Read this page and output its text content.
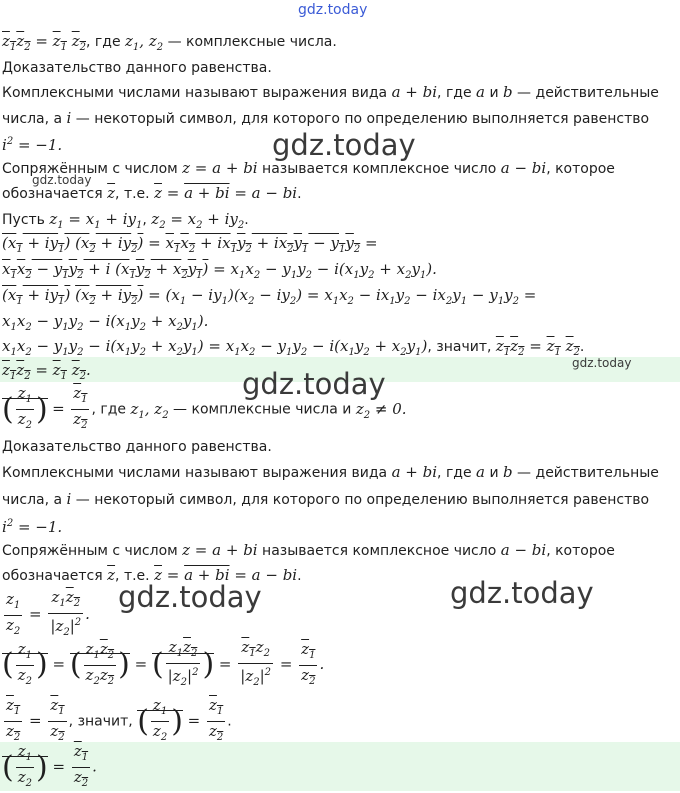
gdz.today
gdz.today
gdz.today
gdz.today
gdz.today
gdz.today	gdz.today
$z_1z_2 = z_1$ $z_2$, где $z_1$, $z_2$ — комплексные числа.
Доказательство данного равенства.
Комплексными числами называют выражения вида a + bi, где a и b — действительные
числа, а i — некоторый символ, для которого по определению выполняется равенство
$i^2 = -1$.
Сопряжённым с числом z = a + bi называется комплексное число a − bi, которое
обозначается $\overline{z}$, т.е. $\overline{z} = a$ + bi = a − bi.
Пусть $z_1 = x_1 + iy_1$, $z_2 = x_2 + iy_2$.
$(x_1 + iy_1) (x_2 + iy_2) = x_1x_2 + ix_1y_2 + ix_2y_1 - y_1y_2$ =
$x_1x_2 - y_1y_2 + i$ $(x_1y_2 + x_2y_1) = x_1x_2 - y_1y_2 - i(x_1y_2 + x_2y_1)$.
$(x_1 + iy_1) (x_2 + iy_2) = (x_1 - iy_1)(x_2 - iy_2) = x_1x_2 - ix_1y_2 - ix_2y_1 - y_1y_2$ =
$x_1x_2 - y_1y_2 - i(x_1y_2 + x_2y_1)$.
$x_1x_2 - y_1y_2 - i(x_1y_2 + x_2y_1) = x_1x_2 - y_1y_2 - i(x_1y_2 + x_2y_1)$, значит, $z_1z_2 = z_1$ $z_2$.
$z_1z_2 = z_1$ $z_2$.
( $\frac{z_1}{z_2}$ ) = $\frac{z_1}{z_2}$ , где $z_1$, $z_2$ — комплексные числа и $z_2 \ne 0$.
Доказательство данного равенства.
Комплексными числами называют выражения вида a + bi, где a и b — действительные
числа, а i — некоторый символ, для которого по определению выполняется равенство
$i^2 = -1$.
Сопряжённым с числом z = a + bi называется комплексное число a − bi, которое
обозначается $\overline{z}$, т.е. $\overline{z} = a$ + bi = a − bi.
$\frac{z_1}{z_2} = \frac{z_1z_2}{|z_2|^2}$ .
( $\frac{z_1}{z_2}$ ) = ( $\frac{z_1z_2}{z_2z_2}$ ) = ( $\frac{z_1z_2}{|z_2|^2}$ ) = $\frac{z_1z_2}{|z_2|^2} = \frac{z_1}{z_2}$ .
$\frac{z_1}{z_2} = \frac{z_1}{z_2}$ , значит, ( $\frac{z_1}{z_2}$ ) = $\frac{z_1}{z_2}$ .
( $\frac{z_1}{z_2}$ ) = $\frac{z_1}{z_2}$ .
